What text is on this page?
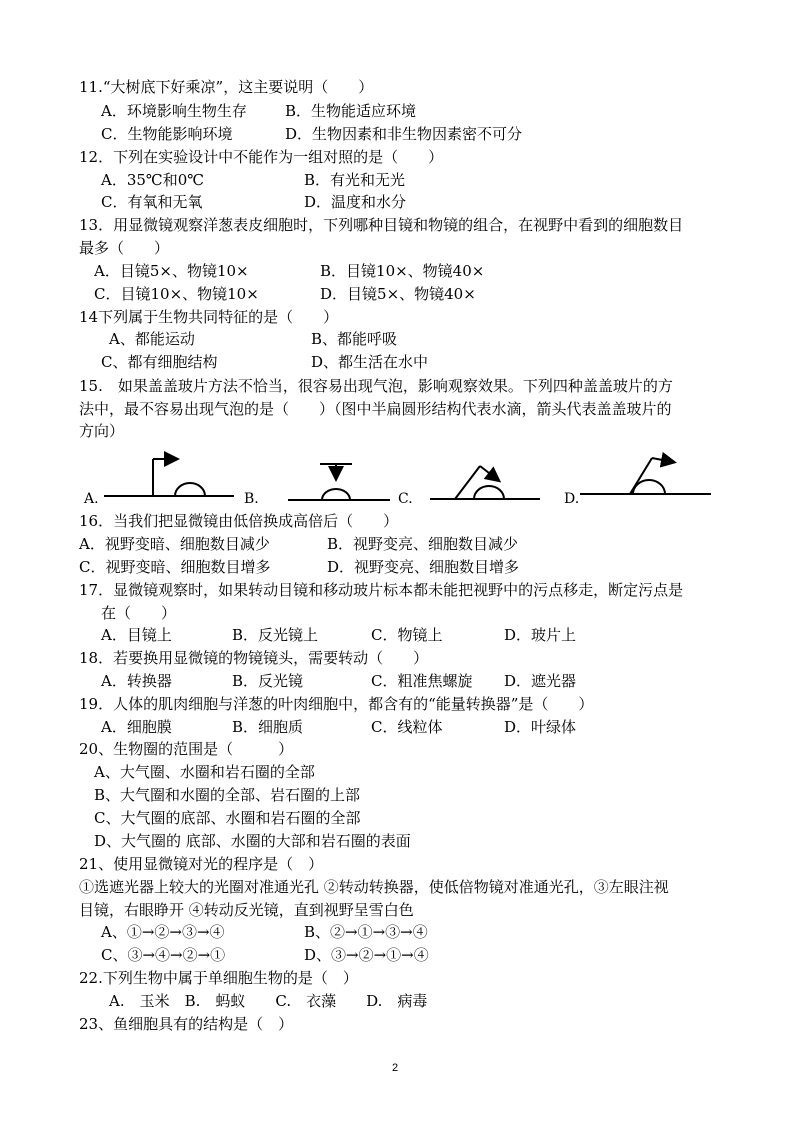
11.“大树底下好乘凉”，这主要说明（　　）
A．环境影响生物生存	B．生物能适应环境
C．生物能影响环境	D．生物因素和非生物因素密不可分
12．下列在实验设计中不能作为一组对照的是（　　）
A．35℃和0℃	B．有光和无光
C．有氧和无氧	D．温度和水分
13．用显微镜观察洋葱表皮细胞时，下列哪种目镜和物镜的组合，在视野中看到的细胞数目
最多（　　）
A．目镜5×、物镜10×	B．目镜10×、物镜40×
C．目镜10×、物镜10×	D．目镜5×、物镜40×
14下列属于生物共同特征的是（　　）
A、都能运动	B、都能呼吸
C、都有细胞结构	D、都生活在水中
15.　如果盖盖玻片方法不恰当，很容易出现气泡，影响观察效果。下列四种盖盖玻片的方
法中，最不容易出现气泡的是（　　）（图中半扁圆形结构代表水滴，箭头代表盖盖玻片的
方向）
A.	B.	C.	D.
16．当我们把显微镜由低倍换成高倍后（　　）
A．视野变暗、细胞数目减少	B．视野变亮、细胞数目减少
C．视野变暗、细胞数目增多	D．视野变亮、细胞数目增多
17．显微镜观察时，如果转动目镜和移动玻片标本都未能把视野中的污点移走，断定污点是
在（　　）
A．目镜上	B．反光镜上	C．物镜上	D．玻片上
18．若要换用显微镜的物镜镜头，需要转动（　　）
A．转换器	B．反光镜	C．粗准焦螺旋 D．遮光器
19．人体的肌肉细胞与洋葱的叶肉细胞中，都含有的“能量转换器”是（　　）
A．细胞膜	B．细胞质	C．线粒体	D．叶绿体
20、生物圈的范围是（　　　）
A、大气圈、水圈和岩石圈的全部
B、大气圈和水圈的全部、岩石圈的上部
C、大气圈的底部、水圈和岩石圈的全部
D、大气圈的 底部、水圈的大部和岩石圈的表面
21、使用显微镜对光的程序是（　）
①选遮光器上较大的光圈对准通光孔 ②转动转换器，使低倍物镜对准通光孔，③左眼注视
目镜，右眼睁开 ④转动反光镜，直到视野呈雪白色
A、①→②→③→④	B、②→①→③→④
C、③→④→②→①	D、③→②→①→④
22.下列生物中属于单细胞生物的是（　）
A.　玉米　B.　蚂蚁　　C.　衣藻　　D.　病毒
23、鱼细胞具有的结构是（　）
2
